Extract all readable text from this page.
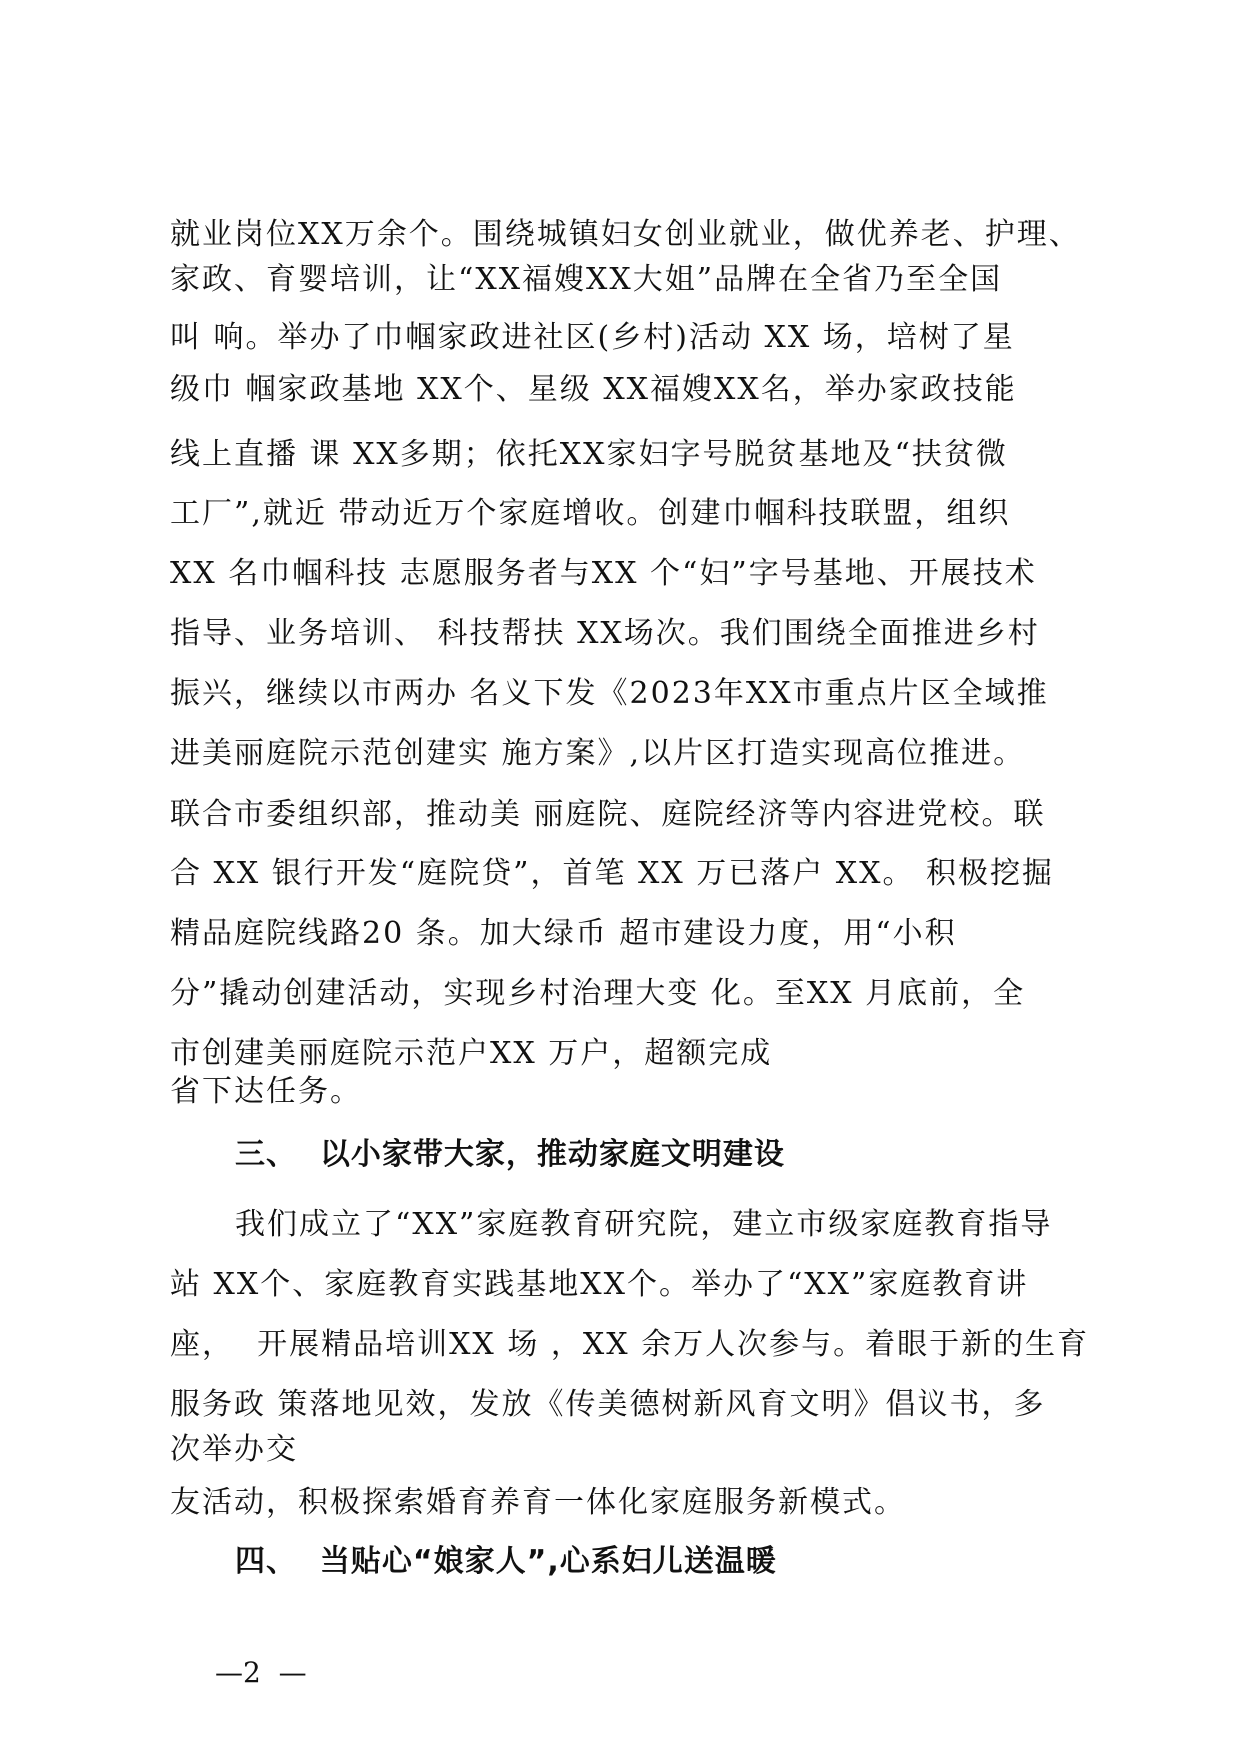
就业岗位XX万余个。围绕城镇妇女创业就业，做优养老、护理、
家政、育婴培训，让“XX福嫂XX大姐”品牌在全省乃至全国
叫 响。举办了巾帼家政进社区(乡村)活动 XX 场，培树了星
级巾 帼家政基地 XX个、星级 XX福嫂XX名，举办家政技能
线上直播 课 XX多期；依托XX家妇字号脱贫基地及“扶贫微
工厂”,就近 带动近万个家庭增收。创建巾帼科技联盟，组织
XX 名巾帼科技 志愿服务者与XX 个“妇”字号基地、开展技术
指导、业务培训、 科技帮扶 XX场次。我们围绕全面推进乡村
振兴，继续以市两办 名义下发《2023年XX市重点片区全域推
进美丽庭院示范创建实 施方案》,以片区打造实现高位推进。
联合市委组织部，推动美 丽庭院、庭院经济等内容进党校。联
合 XX 银行开发“庭院贷”，首笔 XX 万已落户 XX。 积极挖掘
精品庭院线路20 条。加大绿币 超市建设力度，用“小积
分”撬动创建活动，实现乡村治理大变 化。至XX 月底前，全
市创建美丽庭院示范户XX 万户，超额完成
省下达任务。
三、  以小家带大家，推动家庭文明建设
我们成立了“XX”家庭教育研究院，建立市级家庭教育指导
站 XX个、家庭教育实践基地XX个。举办了“XX”家庭教育讲
座，  开展精品培训XX 场 ，XX 余万人次参与。着眼于新的生育
服务政 策落地见效，发放《传美德树新风育文明》倡议书，多
次举办交
友活动，积极探索婚育养育一体化家庭服务新模式。
四、  当贴心“娘家人”,心系妇儿送温暖
—2  —
